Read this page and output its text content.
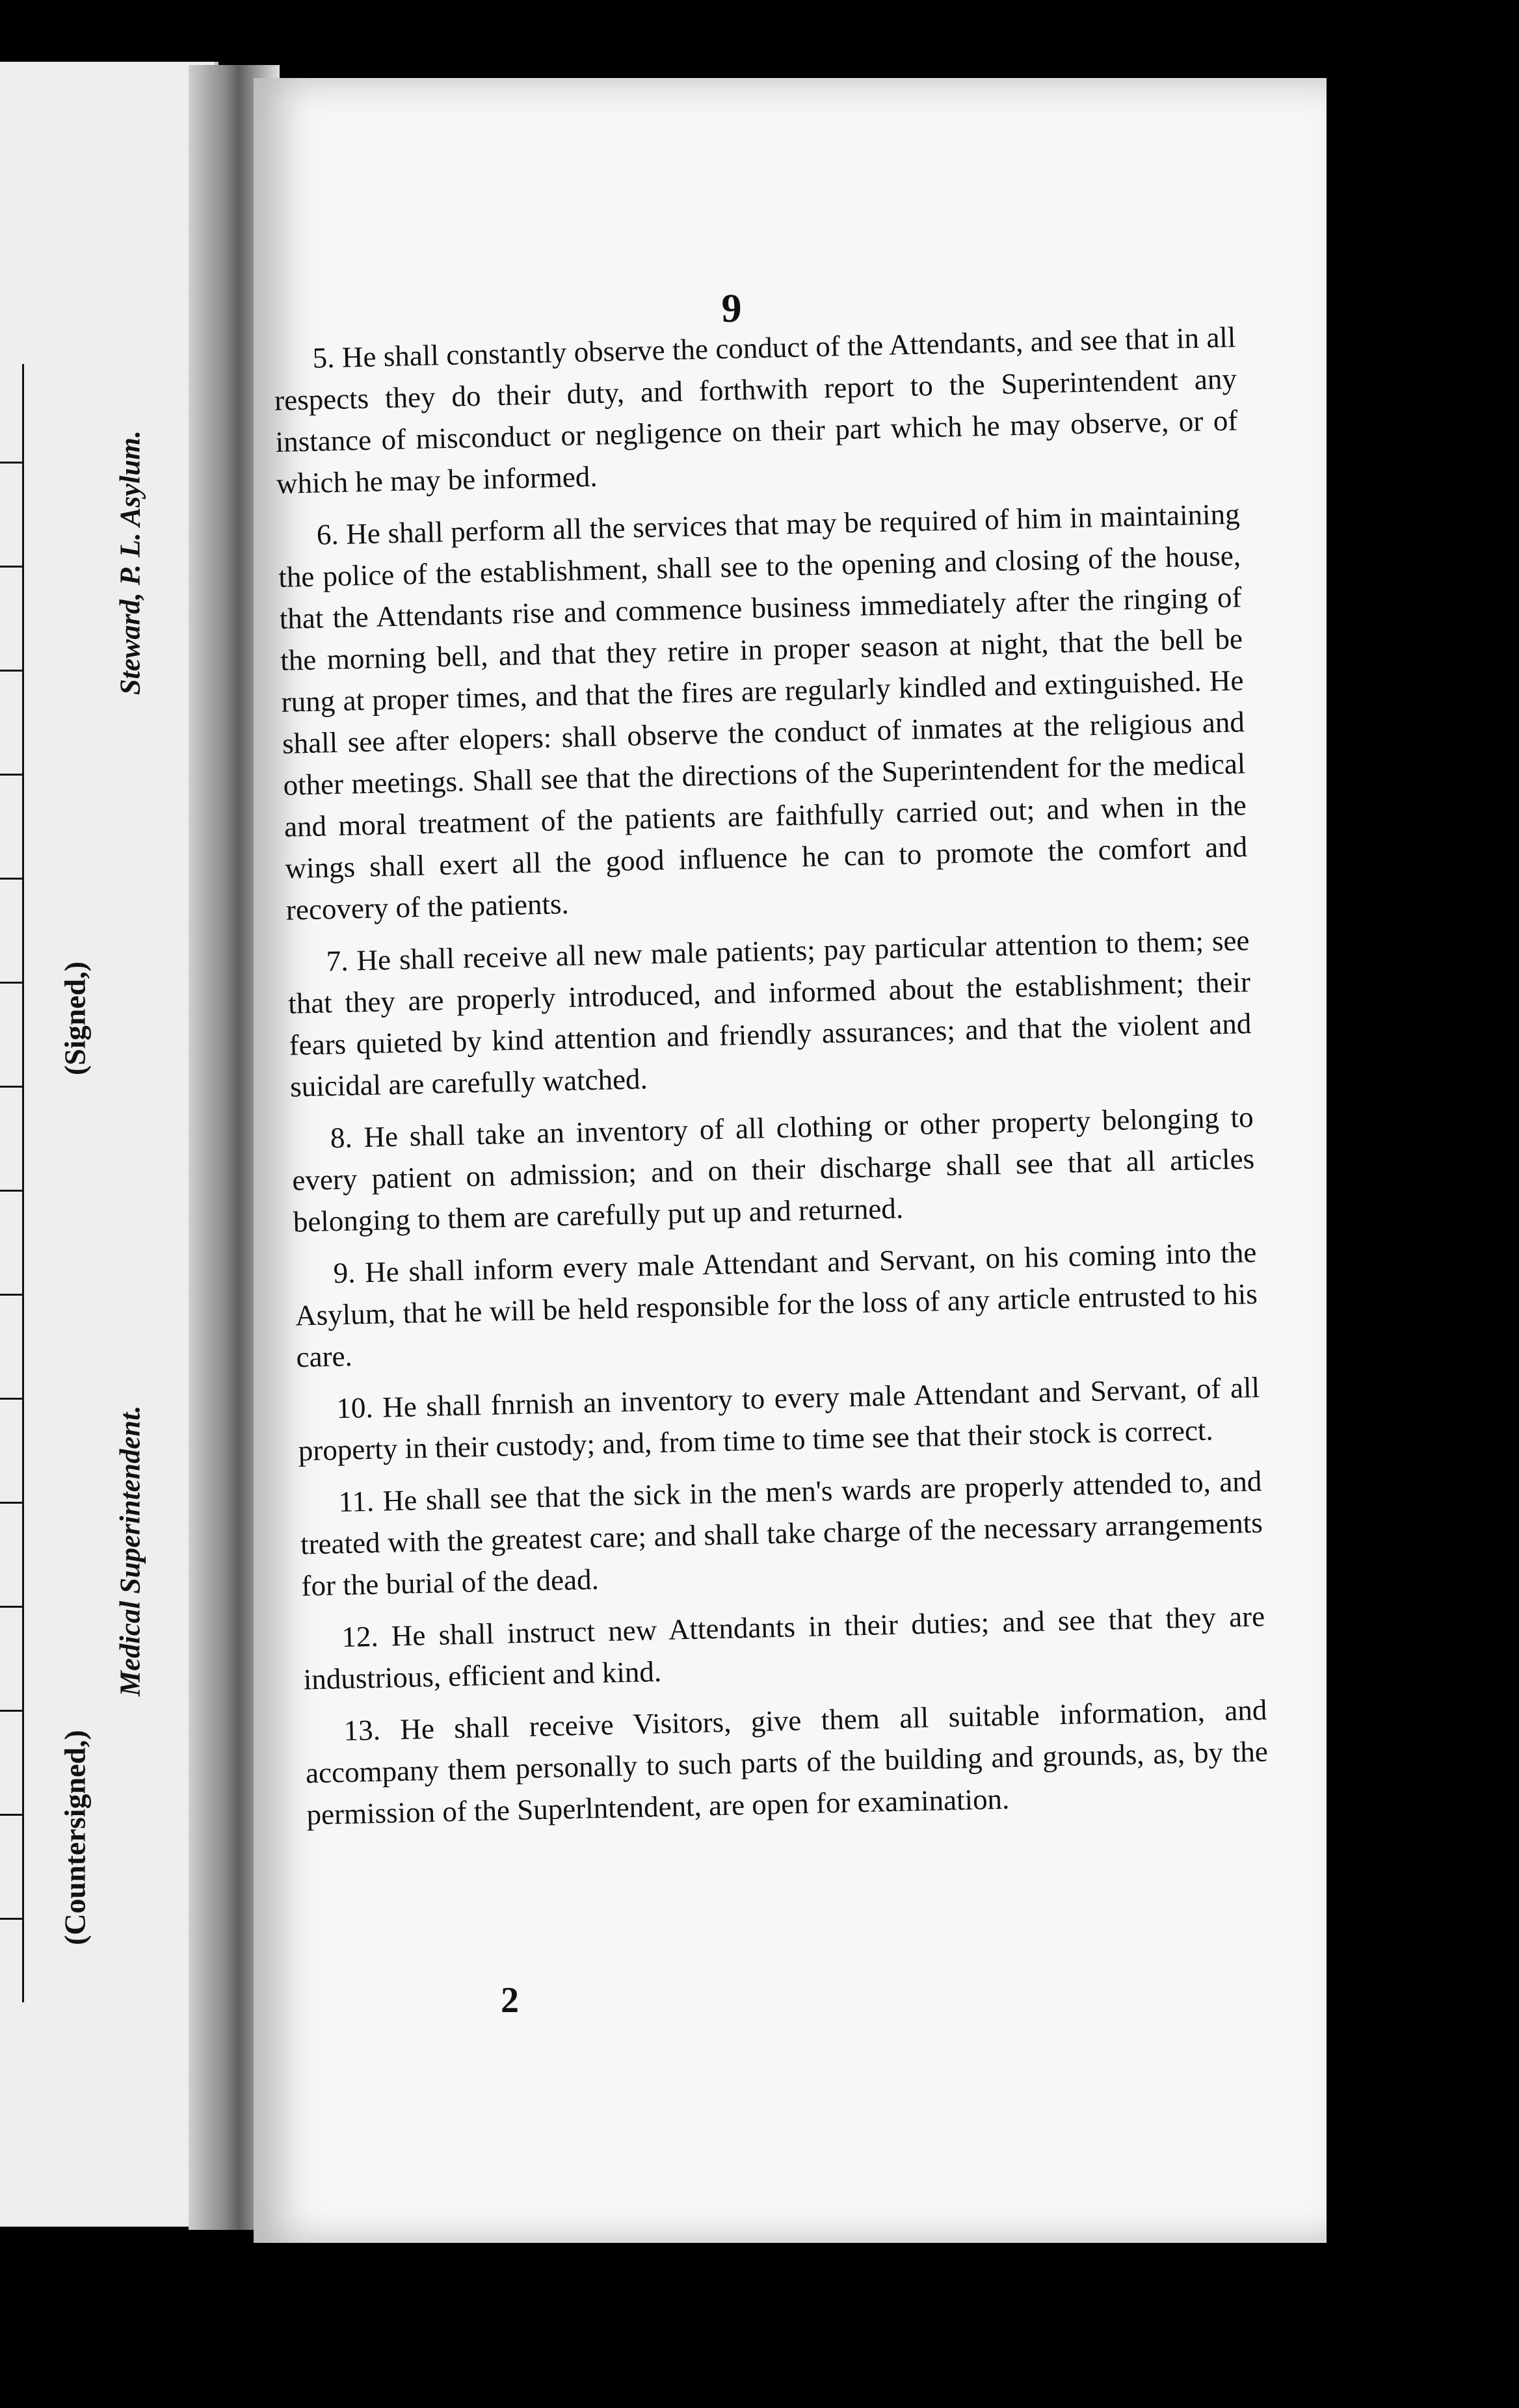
Steward, P. L. Asylum.
(Signed,)
Medical Superintendent.
(Countersigned,)
9

5. He shall constantly observe the conduct of the Attendants, and see that in all respects they do their duty, and forthwith report to the Superintendent any instance of misconduct or negligence on their part which he may observe, or of which he may be informed.

6. He shall perform all the services that may be required of him in maintaining the police of the establishment, shall see to the opening and closing of the house, that the Attendants rise and commence business immediately after the ringing of the morning bell, and that they retire in proper season at night, that the bell be rung at proper times, and that the fires are regularly kindled and extinguished. He shall see after elopers: shall observe the conduct of inmates at the religious and other meetings. Shall see that the directions of the Superintendent for the medical and moral treatment of the patients are faithfully carried out; and when in the wings shall exert all the good influence he can to promote the comfort and recovery of the patients.

7. He shall receive all new male patients; pay particular attention to them; see that they are properly introduced, and informed about the establishment; their fears quieted by kind attention and friendly assurances; and that the violent and suicidal are carefully watched.

8. He shall take an inventory of all clothing or other property belonging to every patient on admission; and on their discharge shall see that all articles belonging to them are carefully put up and returned.

9. He shall inform every male Attendant and Servant, on his coming into the Asylum, that he will be held responsible for the loss of any article entrusted to his care.

10. He shall fnrnish an inventory to every male Attendant and Servant, of all property in their custody; and, from time to time see that their stock is correct.

11. He shall see that the sick in the men's wards are properly attended to, and treated with the greatest care; and shall take charge of the necessary arrangements for the burial of the dead.

12. He shall instruct new Attendants in their duties; and see that they are industrious, efficient and kind.

13. He shall receive Visitors, give them all suitable information, and accompany them personally to such parts of the building and grounds, as, by the permission of the Superlntendent, are open for examination.

2
